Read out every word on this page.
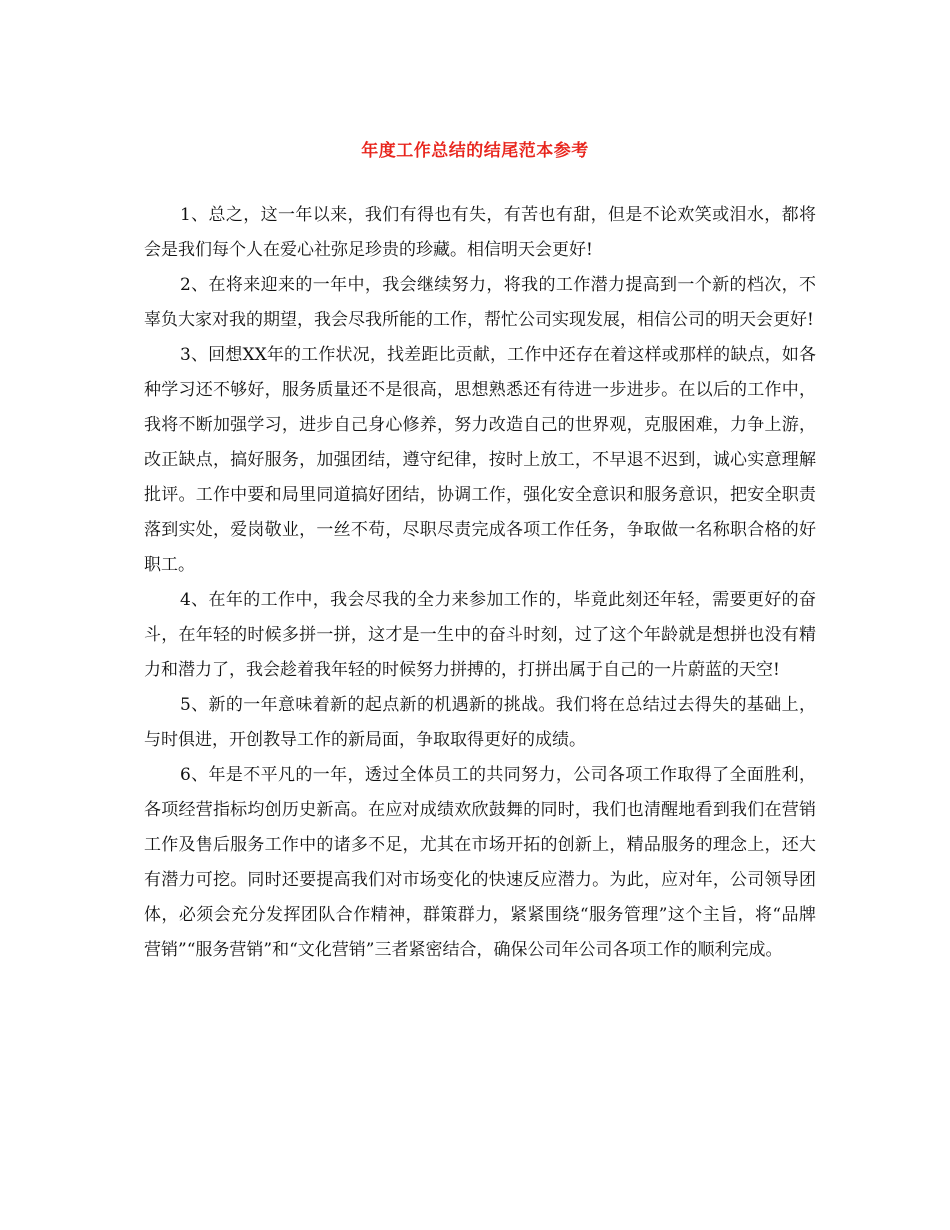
年度工作总结的结尾范本参考

1、总之，这一年以来，我们有得也有失，有苦也有甜，但是不论欢笑或泪水，都将会是我们每个人在爱心社弥足珍贵的珍藏。相信明天会更好!

2、在将来迎来的一年中，我会继续努力，将我的工作潜力提高到一个新的档次，不辜负大家对我的期望，我会尽我所能的工作，帮忙公司实现发展，相信公司的明天会更好!

3、回想XX年的工作状况，找差距比贡献，工作中还存在着这样或那样的缺点，如各种学习还不够好，服务质量还不是很高，思想熟悉还有待进一步进步。在以后的工作中，我将不断加强学习，进步自己身心修养，努力改造自己的世界观，克服困难，力争上游，改正缺点，搞好服务，加强团结，遵守纪律，按时上放工，不早退不迟到，诚心实意理解批评。工作中要和局里同道搞好团结，协调工作，强化安全意识和服务意识，把安全职责落到实处，爱岗敬业，一丝不苟，尽职尽责完成各项工作任务，争取做一名称职合格的好职工。

4、在年的工作中，我会尽我的全力来参加工作的，毕竟此刻还年轻，需要更好的奋斗，在年轻的时候多拼一拼，这才是一生中的奋斗时刻，过了这个年龄就是想拼也没有精力和潜力了，我会趁着我年轻的时候努力拼搏的，打拼出属于自己的一片蔚蓝的天空!

5、新的一年意味着新的起点新的机遇新的挑战。我们将在总结过去得失的基础上，与时俱进，开创教导工作的新局面，争取取得更好的成绩。

6、年是不平凡的一年，透过全体员工的共同努力，公司各项工作取得了全面胜利，各项经营指标均创历史新高。在应对成绩欢欣鼓舞的同时，我们也清醒地看到我们在营销工作及售后服务工作中的诸多不足，尤其在市场开拓的创新上，精品服务的理念上，还大有潜力可挖。同时还要提高我们对市场变化的快速反应潜力。为此，应对年，公司领导团体，必须会充分发挥团队合作精神，群策群力，紧紧围绕“服务管理”这个主旨，将“品牌营销”“服务营销”和“文化营销”三者紧密结合，确保公司年公司各项工作的顺利完成。
